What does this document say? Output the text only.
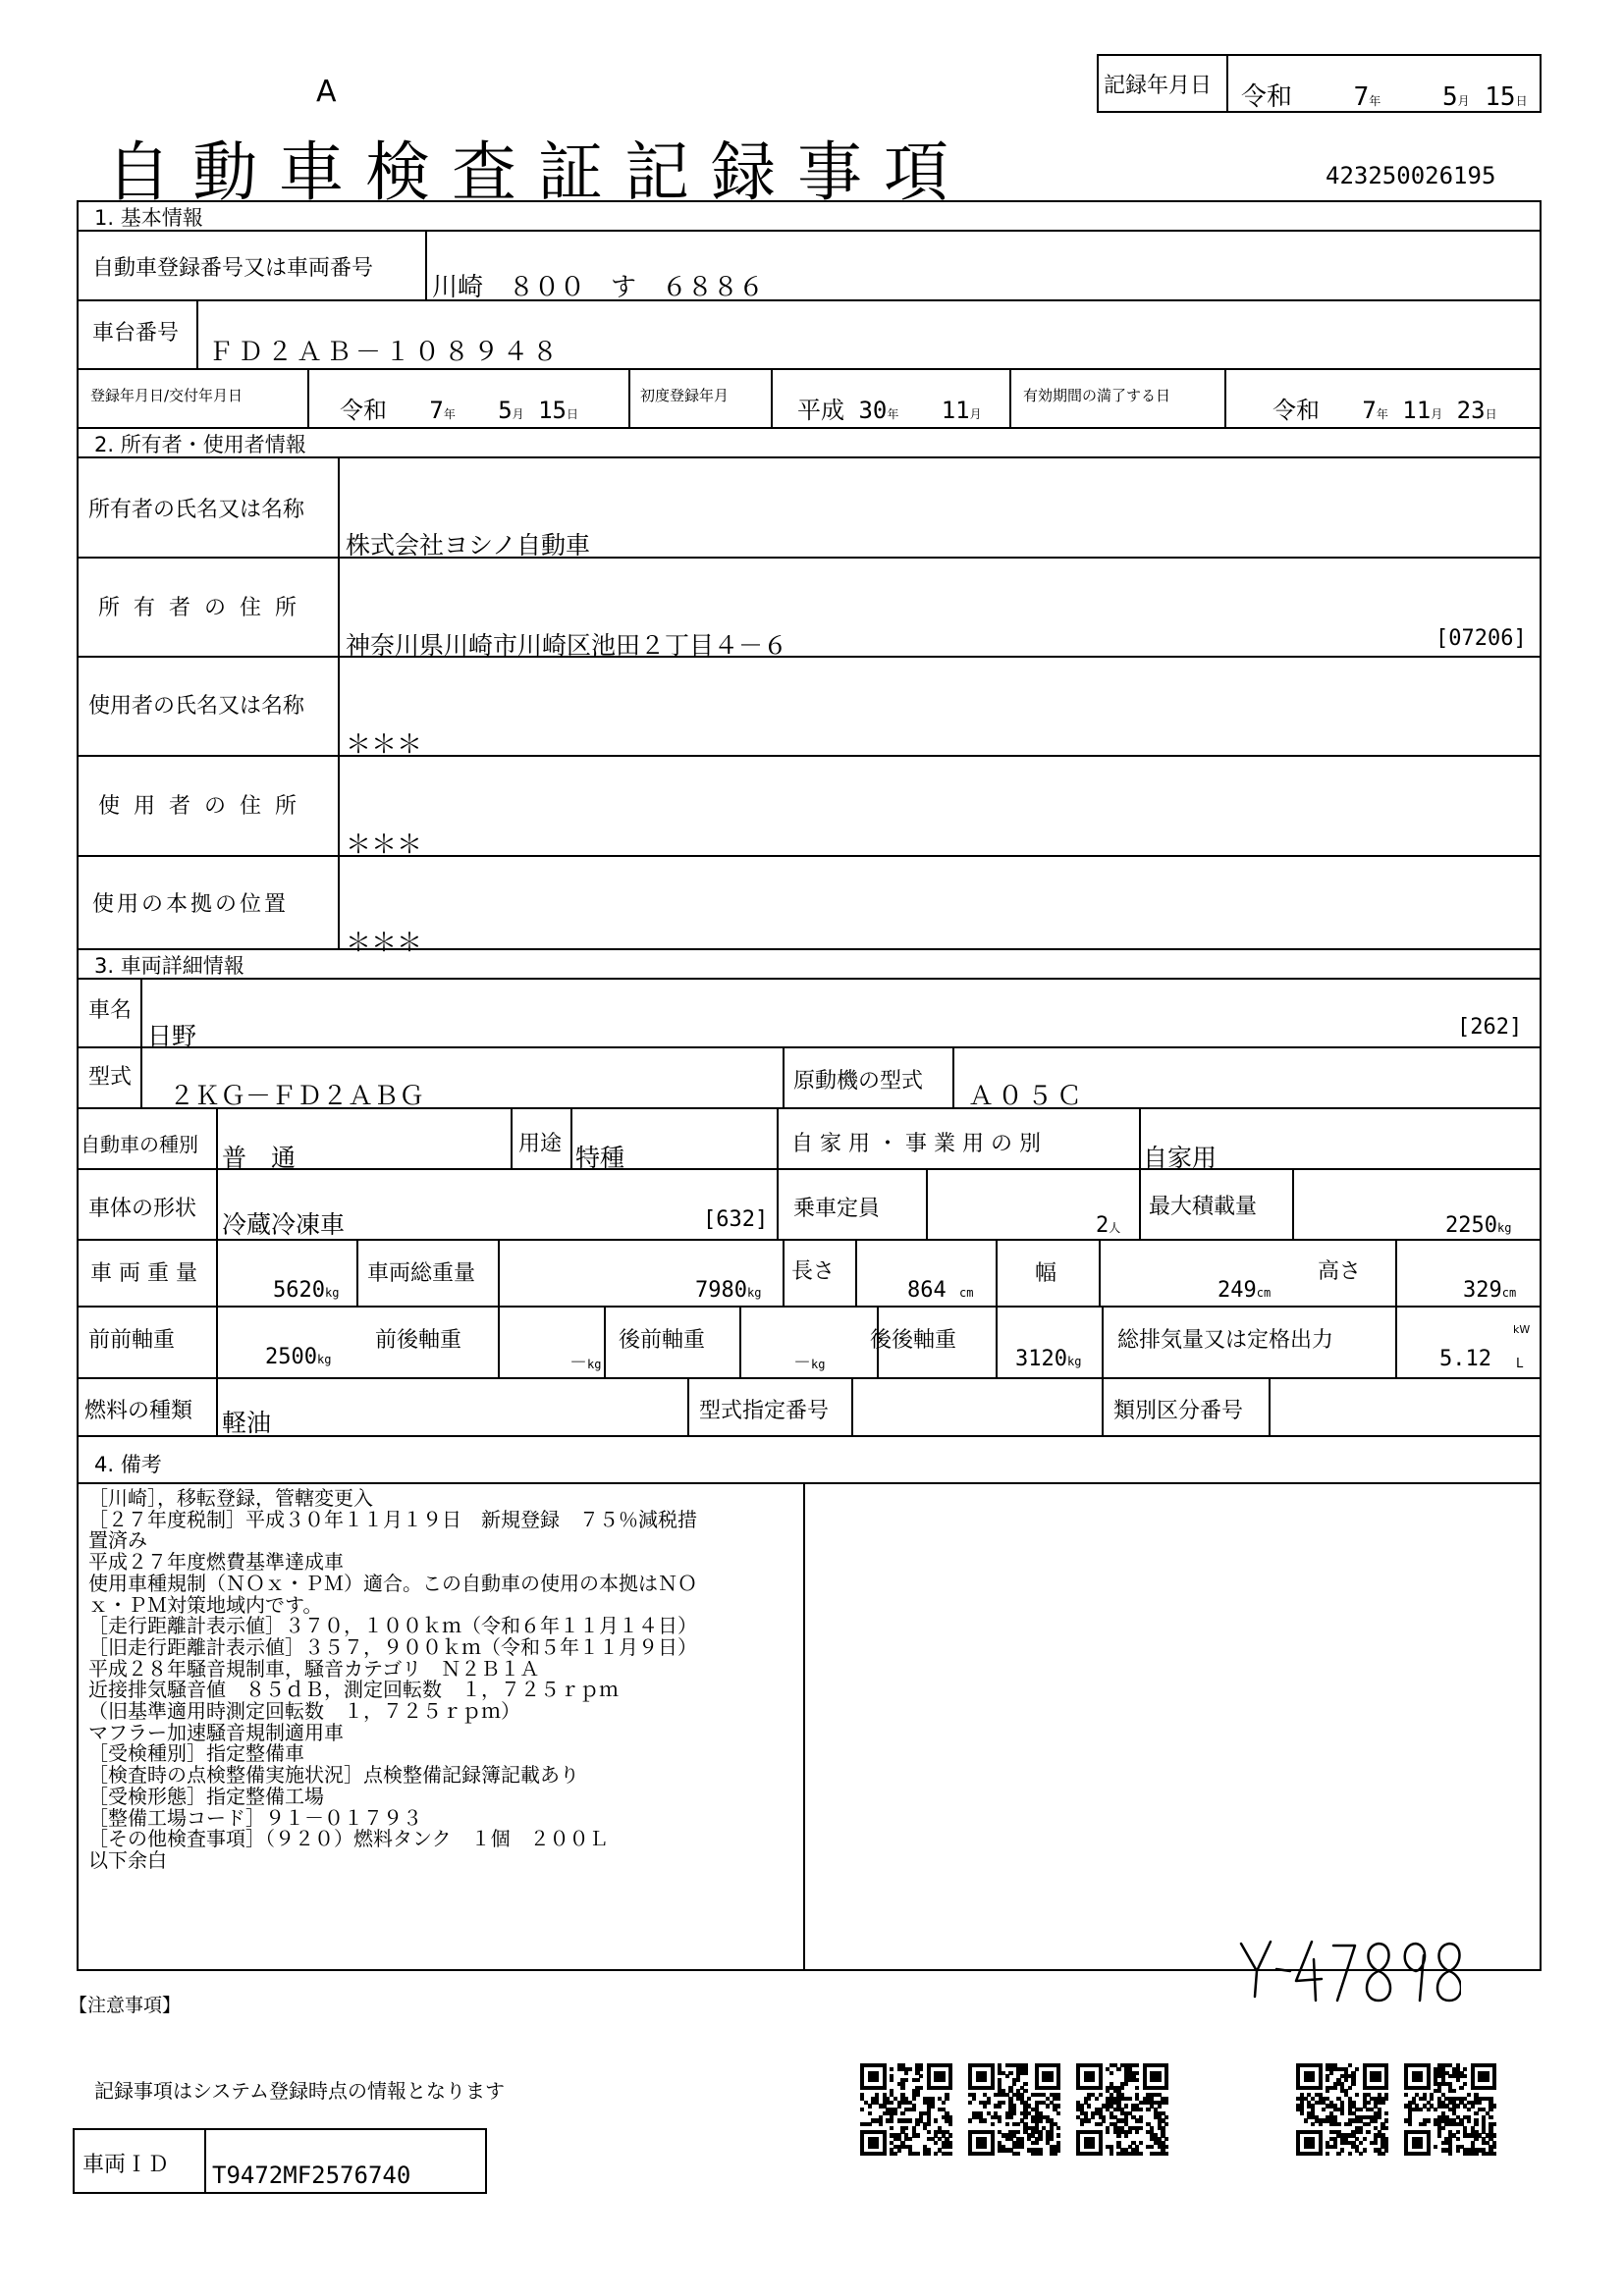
A
自動車検査証記録事項
記録年月日 令和 7年 5月 15日
423250026195
1. 基本情報
自動車登録番号又は車両番号
川崎　８００　す　６８８６
車台番号
ＦＤ２ＡＢ－１０８９４８
登録年月日/交付年月日
令和 7年 5月 15日
初度登録年月
平成 30年 11月
有効期間の満了する日
令和 7年 11月 23日
2. 所有者・使用者情報
所有者の氏名又は名称
株式会社ヨシノ自動車
所有者の住所
神奈川県川崎市川崎区池田２丁目４－６	[07206]
使用者の氏名又は名称
＊＊＊
使用者の住所
＊＊＊
使用の本拠の位置
＊＊＊
3. 車両詳細情報
車名
日野	[262]
型式
２ＫＧ－ＦＤ２ＡＢＧ
原動機の型式
Ａ０５Ｃ
自動車の種別 普　通	用途 特種	自 家 用 ・ 事 業 用 の 別	自家用
車体の形状
冷蔵冷凍車	[632] 乗車定員
2人
最大積載量
2250kg
車 両 重 量
5620kg
車両総重量
7980kg
長さ
864 cm
幅
249cm
高さ
329cm
前前軸重
2500kg
前後軸重
－kg
後前軸重
－kg
後後軸重
3120kg
総排気量又は定格出力
5.12
kW
L
燃料の種類 軽油	型式指定番号	類別区分番号
4. 備考
［川崎］，移転登録，管轄変更入
［２７年度税制］平成３０年１１月１９日　新規登録　７５％減税措
置済み
平成２７年度燃費基準達成車
使用車種規制（ＮＯｘ・ＰＭ）適合。この自動車の使用の本拠はＮＯ
ｘ・ＰＭ対策地域内です。
［走行距離計表示値］３７０，１００ｋｍ（令和６年１１月１４日）
［旧走行距離計表示値］３５７，９００ｋｍ（令和５年１１月９日）
平成２８年騒音規制車，騒音カテゴリ　Ｎ２Ｂ１Ａ
近接排気騒音値　８５ｄＢ，測定回転数　１，７２５ｒｐｍ
（旧基準適用時測定回転数　１，７２５ｒｐｍ）
マフラー加速騒音規制適用車
［受検種別］指定整備車
［検査時の点検整備実施状況］点検整備記録簿記載あり
［受検形態］指定整備工場
［整備工場コード］９１－０１７９３
［その他検査事項］（９２０）燃料タンク　１個　２００Ｌ
以下余白
【注意事項】
記録事項はシステム登録時点の情報となります
車両ＩＤ T9472MF2576740
